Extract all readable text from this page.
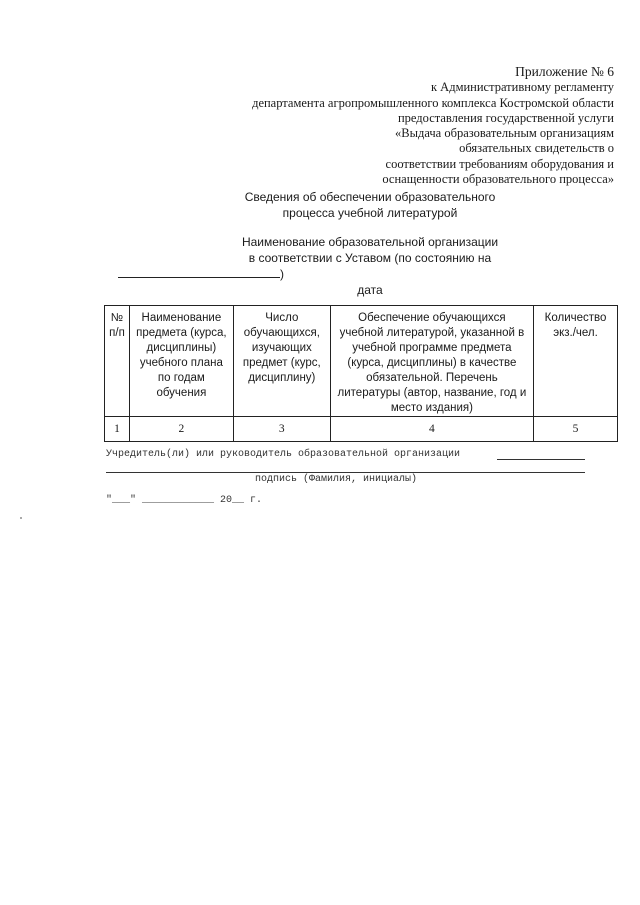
Приложение № 6
к Административному регламенту
департамента агропромышленного комплекса Костромской области
предоставления государственной услуги
«Выдача образовательным организациям
обязательных свидетельств о
соответствии требованиям оборудования и
оснащенности образовательного процесса»
Сведения об обеспечении образовательного
процесса учебной литературой
Наименование образовательной организации
в соответствии с Уставом (по состоянию на
)
дата
№ п/п	Наименование предмета (курса, дисциплины) учебного плана по годам обучения	Число обучающихся, изучающих предмет (курс, дисциплину)	Обеспечение обучающихся учебной литературой, указанной в учебной программе предмета (курса, дисциплины) в качестве обязательной. Перечень литературы (автор, название, год и место издания)	Количество экз./чел.
1	2	3	4	5
Учредитель(ли) или руководитель образовательной организации
подпись (Фамилия, инициалы)
"___" ____________ 20__ г.
